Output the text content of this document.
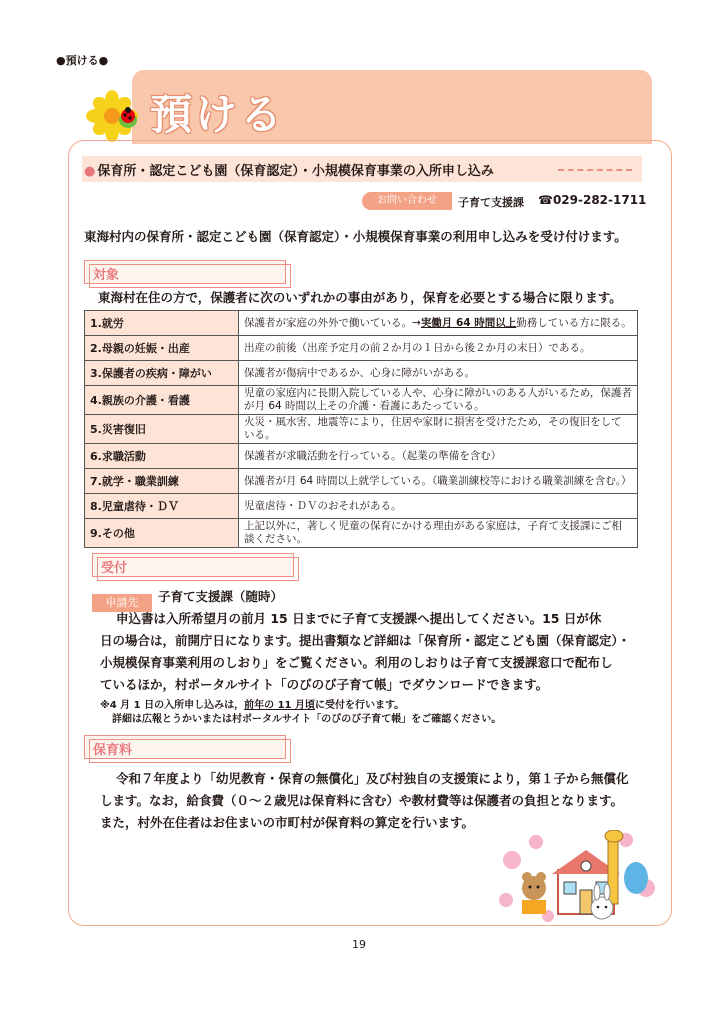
●預ける●
預ける
● 保育所・認定こども園（保育認定）・小規模保育事業の入所申し込み
お問い合わせ	子育て支援課 ☎029-282-1711
東海村内の保育所・認定こども園（保育認定）・小規模保育事業の利用申し込みを受け付けます。
対象
東海村在住の方で，保護者に次のいずれかの事由があり，保育を必要とする場合に限ります。
1.就労	保護者が家庭の外外で働いている。→実働月 64 時間以上勤務している方に限る。
2.母親の妊娠・出産	出産の前後（出産予定月の前２か月の１日から後２か月の末日）である。
3.保護者の疾病・障がい	保護者が傷病中であるか、心身に障がいがある。
4.親族の介護・看護	児童の家庭内に長期入院している人や、心身に障がいのある人がいるため，保護者が月 64 時間以上その介護・看護にあたっている。
5.災害復旧	火災・風水害、地震等により，住居や家財に損害を受けたため，その復旧をしている。
6.求職活動	保護者が求職活動を行っている。（起業の準備を含む）
7.就学・職業訓練	保護者が月 64 時間以上就学している。（職業訓練校等における職業訓練を含む。）
8.児童虐待・ＤＶ	児童虐待・ＤＶのおそれがある。
9.その他	上記以外に，著しく児童の保育にかける理由がある家庭は，子育て支援課にご相談ください。
受付
申請先	子育て支援課（随時）
申込書は入所希望月の前月 15 日までに子育て支援課へ提出してください。15 日が休
日の場合は，前開庁日になります。提出書類など詳細は「保育所・認定こども園（保育認定）・
小規模保育事業利用のしおり」をご覧ください。利用のしおりは子育て支援課窓口で配布し
ているほか，村ポータルサイト「のびのび子育て帳」でダウンロードできます。
※4 月 1 日の入所申し込みは，前年の 11 月頃に受付を行います。
詳細は広報とうかいまたは村ポータルサイト「のびのび子育て帳」をご確認ください。
保育料
令和７年度より「幼児教育・保育の無償化」及び村独自の支援策により，第１子から無償化
します。なお，給食費（０～２歳児は保育料に含む）や教材費等は保護者の負担となります。
また，村外在住者はお住まいの市町村が保育料の算定を行います。
19
